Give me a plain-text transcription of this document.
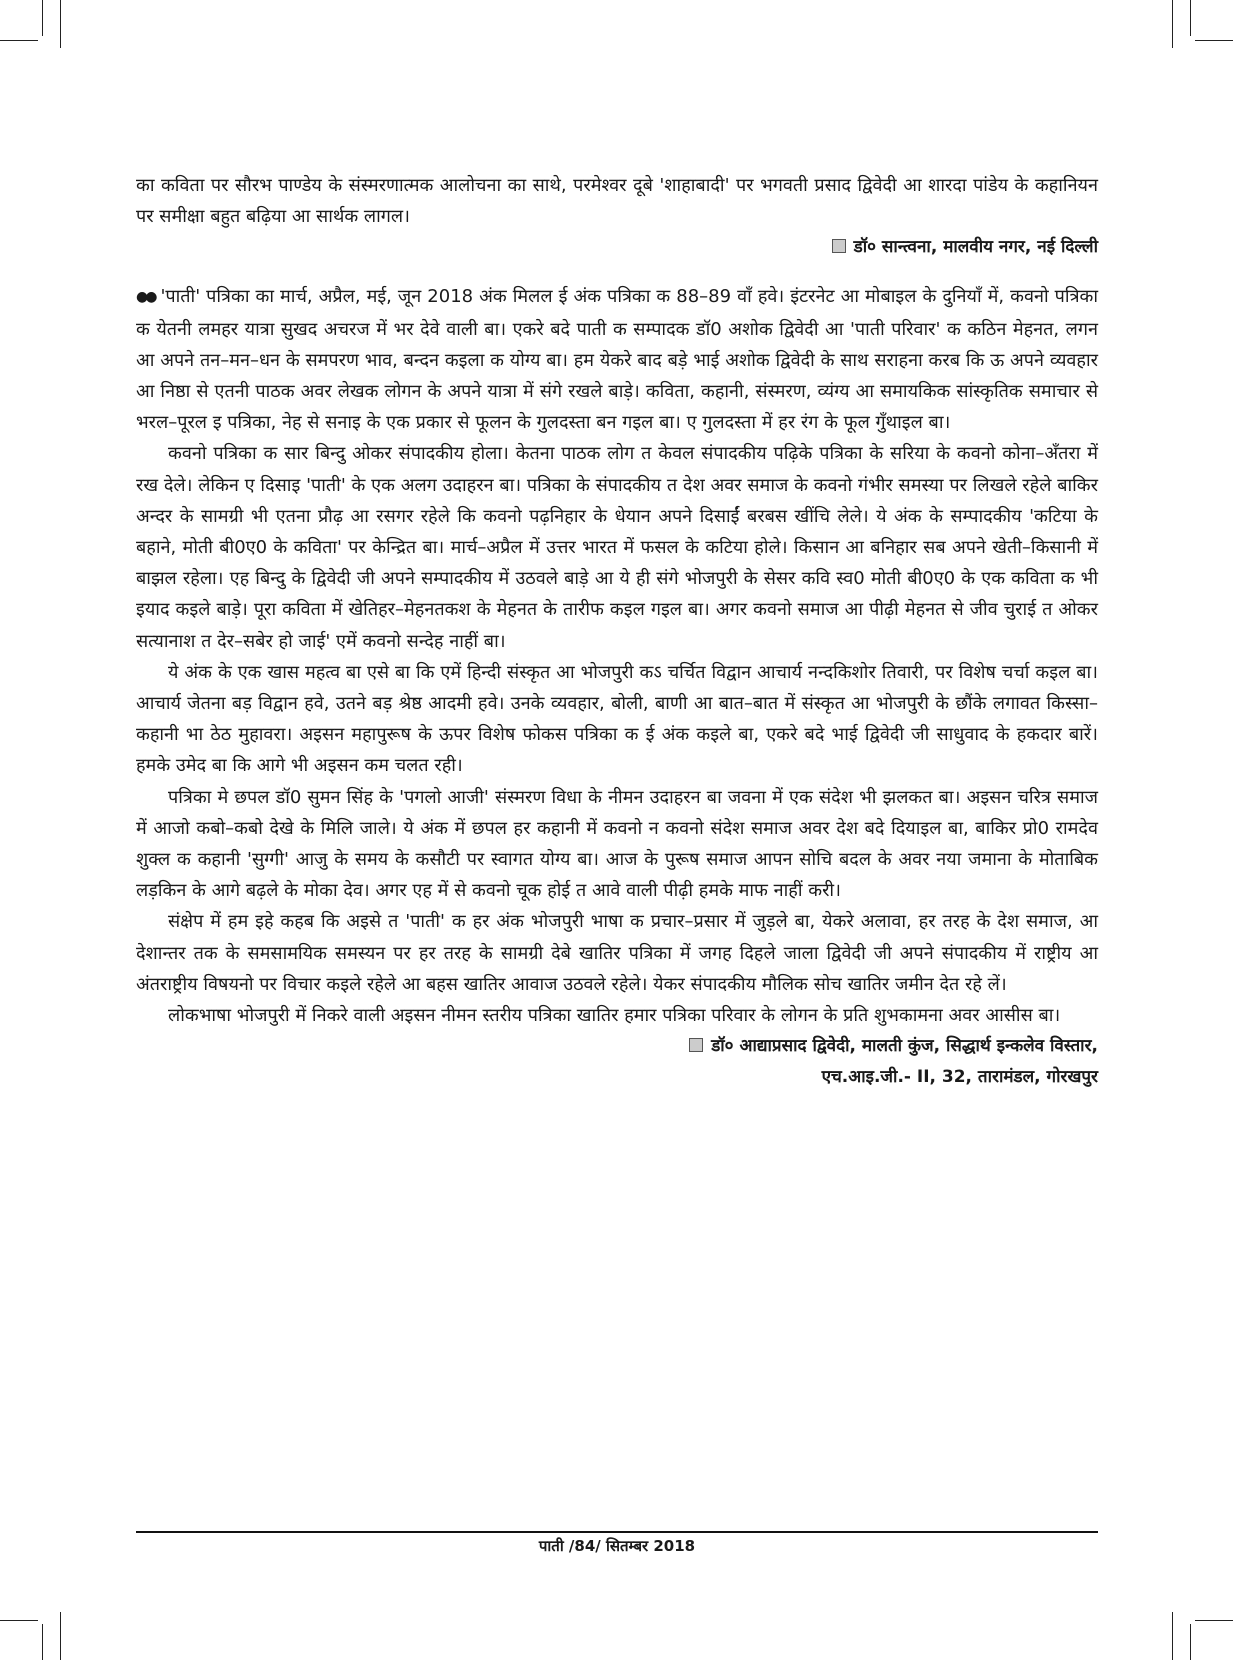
का कविता पर सौरभ पाण्डेय के संस्मरणात्मक आलोचना का साथे, परमेश्वर दूबे 'शाहाबादी' पर भगवती प्रसाद द्विवेदी आ शारदा पांडेय के कहानियन पर समीक्षा बहुत बढ़िया आ सार्थक लागल।

डॉ० सान्त्वना, मालवीय नगर, नई दिल्ली

●● 'पाती' पत्रिका का मार्च, अप्रैल, मई, जून 2018 अंक मिलल ई अंक पत्रिका क 88–89 वाँ हवे। इंटरनेट आ मोबाइल के दुनियाँ में, कवनो पत्रिका क येतनी लमहर यात्रा सुखद अचरज में भर देवे वाली बा। एकरे बदे पाती क सम्पादक डॉ0 अशोक द्विवेदी आ 'पाती परिवार' क कठिन मेहनत, लगन आ अपने तन–मन–धन के समपरण भाव, बन्दन कइला क योग्य बा। हम येकरे बाद बड़े भाई अशोक द्विवेदी के साथ सराहना करब कि ऊ अपने व्यवहार आ निष्ठा से एतनी पाठक अवर लेखक लोगन के अपने यात्रा में संगे रखले बाडे़। कविता, कहानी, संस्मरण, व्यंग्य आ समायकिक सांस्कृतिक समाचार से भरल–पूरल इ पत्रिका, नेह से सनाइ के एक प्रकार से फूलन के गुलदस्ता बन गइल बा। ए गुलदस्ता में हर रंग के फूल गुँथाइल बा।

कवनो पत्रिका क सार बिन्दु ओकर संपादकीय होला। केतना पाठक लोग त केवल संपादकीय पढ़िके पत्रिका के सरिया के कवनो कोना–अँतरा में रख देले। लेकिन ए दिसाइ 'पाती' के एक अलग उदाहरन बा। पत्रिका के संपादकीय त देश अवर समाज के कवनो गंभीर समस्या पर लिखले रहेले बाकिर अन्दर के सामग्री भी एतना प्रौढ़ आ रसगर रहेले कि कवनो पढ़निहार के धेयान अपने दिसाईं बरबस खींचि लेले। ये अंक के सम्पादकीय 'कटिया के बहाने, मोती बी0ए0 के कविता' पर केन्द्रित बा। मार्च–अप्रैल में उत्तर भारत में फसल के कटिया होले। किसान आ बनिहार सब अपने खेती–किसानी में बाझल रहेला। एह बिन्दु के द्विवेदी जी अपने सम्पादकीय में उठवले बाड़े आ ये ही संगे भोजपुरी के सेसर कवि स्व0 मोती बी0ए0 के एक कविता क भी इयाद कइले बाड़े। पूरा कविता में खेतिहर–मेहनतकश के मेहनत के तारीफ कइल गइल बा। अगर कवनो समाज आ पीढ़ी मेहनत से जीव चुराई त ओकर सत्यानाश त देर–सबेर हो जाई' एमें कवनो सन्देह नाहीं बा।

ये अंक के एक खास महत्व बा एसे बा कि एमें हिन्दी संस्कृत आ भोजपुरी कऽ चर्चित विद्वान आचार्य नन्दकिशोर तिवारी, पर विशेष चर्चा कइल बा। आचार्य जेतना बड़ विद्वान हवे, उतने बड़ श्रेष्ठ आदमी हवे। उनके व्यवहार, बोली, बाणी आ बात–बात में संस्कृत आ भोजपुरी के छौंके लगावत किस्सा–कहानी भा ठेठ मुहावरा। अइसन महापुरूष के ऊपर विशेष फोकस पत्रिका क ई अंक कइले बा, एकरे बदे भाई द्विवेदी जी साधुवाद के हकदार बारें। हमके उमेद बा कि आगे भी अइसन कम चलत रही।

पत्रिका मे छपल डॉ0 सुमन सिंह के 'पगलो आजी' संस्मरण विधा के नीमन उदाहरन बा जवना में एक संदेश भी झलकत बा। अइसन चरित्र समाज में आजो कबो–कबो देखे के मिलि जाले। ये अंक में छपल हर कहानी में कवनो न कवनो संदेश समाज अवर देश बदे दियाइल बा, बाकिर प्रो0 रामदेव शुक्ल क कहानी 'सुग्गी' आजु के समय के कसौटी पर स्वागत योग्य बा। आज के पुरूष समाज आपन सोचि बदल के अवर नया जमाना के मोताबिक लड़किन के आगे बढ़ले के मोका देव। अगर एह में से कवनो चूक होई त आवे वाली पीढ़ी हमके माफ नाहीं करी।

संक्षेप में हम इहे कहब कि अइसे त 'पाती' क हर अंक भोजपुरी भाषा क प्रचार–प्रसार में जुड़ले बा, येकरे अलावा, हर तरह के देश समाज, आ देशान्तर तक के समसामयिक समस्यन पर हर तरह के सामग्री देबे खातिर पत्रिका में जगह दिहले जाला द्विवेदी जी अपने संपादकीय में राष्ट्रीय आ अंतराष्ट्रीय विषयनो पर विचार कइले रहेले आ बहस खातिर आवाज उठवले रहेले। येकर संपादकीय मौलिक सोच खातिर जमीन देत रहे लें।

लोकभाषा भोजपुरी में निकरे वाली अइसन नीमन स्तरीय पत्रिका खातिर हमार पत्रिका परिवार के लोगन के प्रति शुभकामना अवर आसीस बा।

डॉ० आद्याप्रसाद द्विवेदी, मालती कुंज, सिद्धार्थ इन्कलेव विस्तार,

एच.आइ.जी.- II, 32, तारामंडल, गोरखपुर

पाती /84/ सितम्बर 2018
